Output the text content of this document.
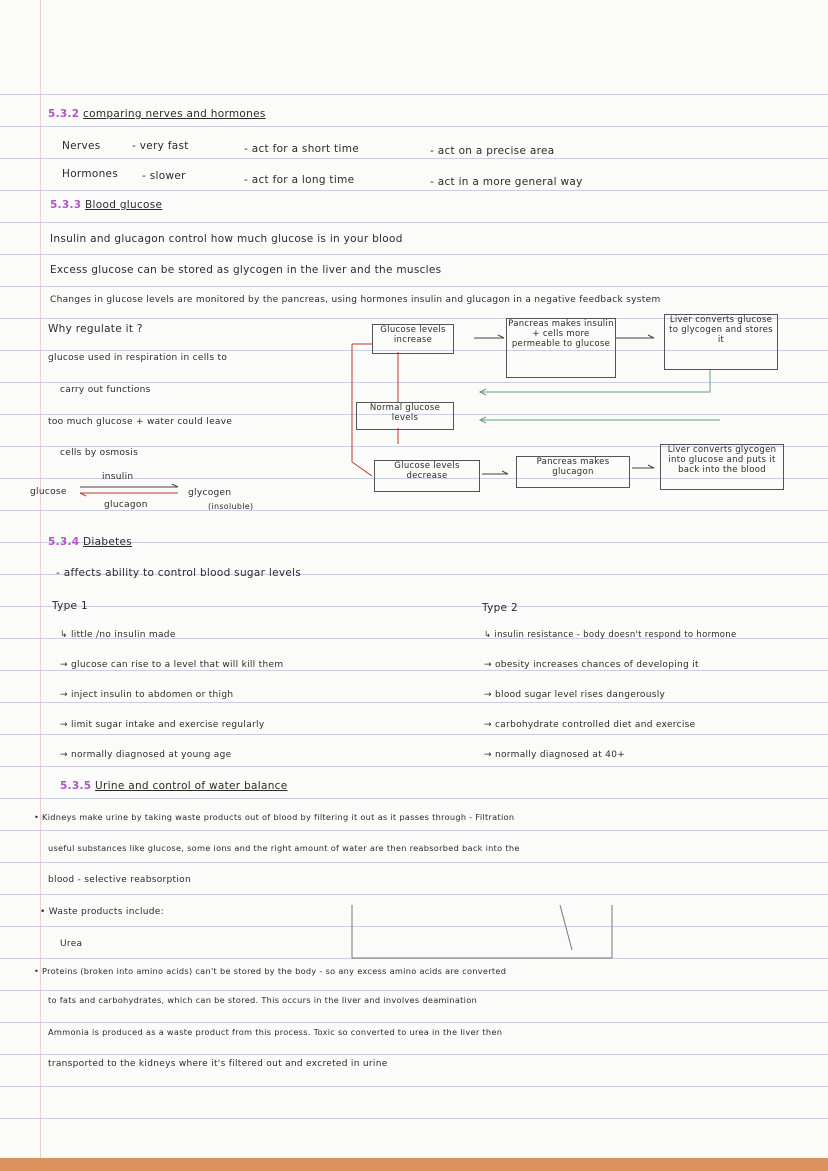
5.3.2 comparing nerves and hormones
Nerves	- very fast	- act for a short time	- act on a precise area
Hormones - slower	- act for a long time	- act in a more general way
5.3.3 Blood glucose
Insulin and glucagon control how much glucose is in your blood
Excess glucose can be stored as glycogen in the liver and the muscles
Changes in glucose levels are monitored by the pancreas, using hormones insulin and glucagon in a negative feedback system
Why regulate it ?
glucose used in respiration in cells to
carry out functions
too much glucose + water could leave
cells by osmosis
insulin
glucose
glucagon
glycogen
(insoluble)
Glucose levels increase
Pancreas makes insulin + cells more permeable to glucose
Liver converts glucose to glycogen and stores it
Normal glucose levels
Glucose levels decrease
Pancreas makes glucagon
Liver converts glycogen into glucose and puts it back into the blood
5.3.4 Diabetes
- affects ability to control blood sugar levels
Type 1
↳ little /no insulin made
→ glucose can rise to a level that will kill them
→ inject insulin to abdomen or thigh
→ limit sugar intake and exercise regularly
→ normally diagnosed at young age
Type 2
↳ insulin resistance - body doesn't respond to hormone
→ obesity increases chances of developing it
→ blood sugar level rises dangerously
→ carbohydrate controlled diet and exercise
→ normally diagnosed at 40+
5.3.5 Urine and control of water balance
• Kidneys make urine by taking waste products out of blood by filtering it out as it passes through - Filtration
useful substances like glucose, some ions and the right amount of water are then reabsorbed back into the
blood - selective reabsorption
• Waste products include:
Urea
• Proteins (broken into amino acids) can't be stored by the body - so any excess amino acids are converted
to fats and carbohydrates, which can be stored. This occurs in the liver and involves deamination
Ammonia is produced as a waste product from this process. Toxic so converted to urea in the liver then
transported to the kidneys where it's filtered out and excreted in urine
